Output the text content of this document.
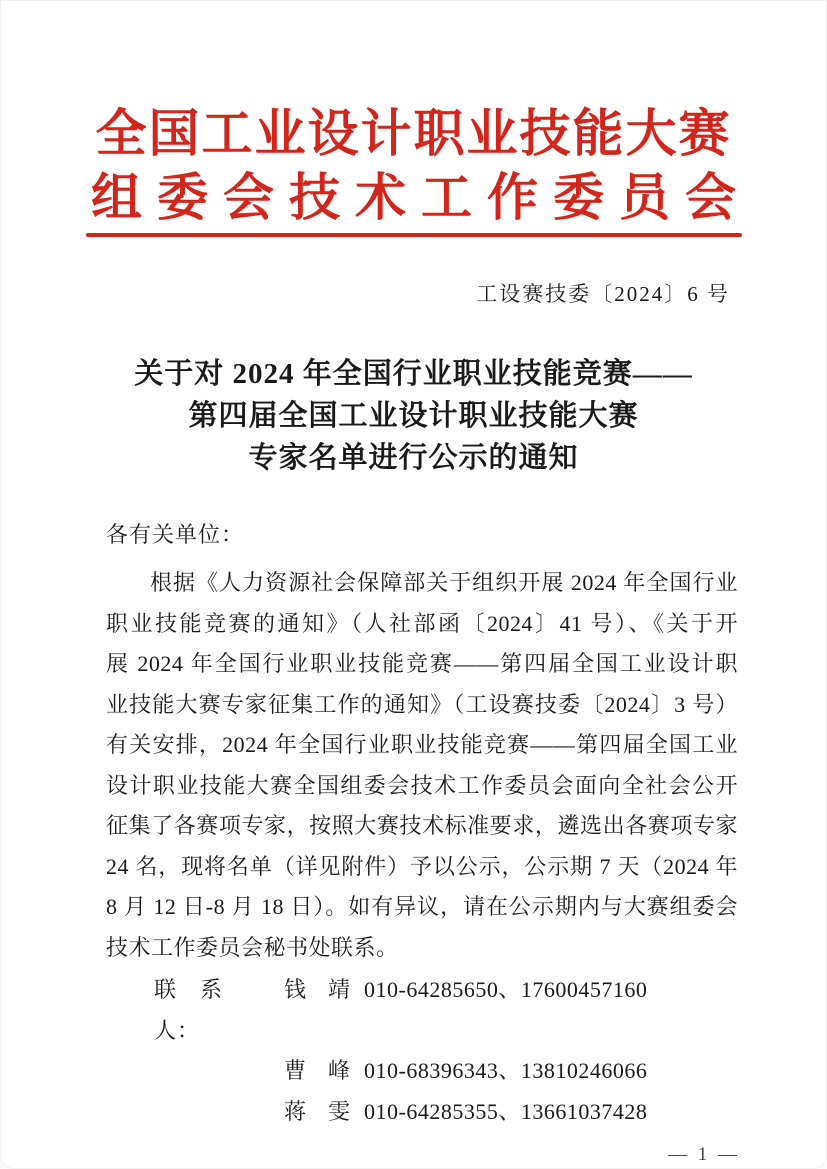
全国工业设计职业技能大赛
组委会技术工作委员会
工设赛技委〔2024〕6 号
关于对 2024 年全国行业职业技能竞赛——
第四届全国工业设计职业技能大赛
专家名单进行公示的通知
各有关单位：
根据《人力资源社会保障部关于组织开展 2024 年全国行业
职业技能竞赛的通知》（人社部函〔2024〕41 号）、《关于开
展 2024 年全国行业职业技能竞赛——第四届全国工业设计职
业技能大赛专家征集工作的通知》（工设赛技委〔2024〕3 号）
有关安排，2024 年全国行业职业技能竞赛——第四届全国工业
设计职业技能大赛全国组委会技术工作委员会面向全社会公开
征集了各赛项专家，按照大赛技术标准要求，遴选出各赛项专家
24 名，现将名单（详见附件）予以公示，公示期 7 天（2024 年
8 月 12 日-8 月 18 日）。如有异议，请在公示期内与大赛组委会
技术工作委员会秘书处联系。
联　系　人：
钱　靖 010-64285650、17600457160
曹　峰 010-68396343、13810246066
蒋　雯 010-64285355、13661037428
— 1 —
